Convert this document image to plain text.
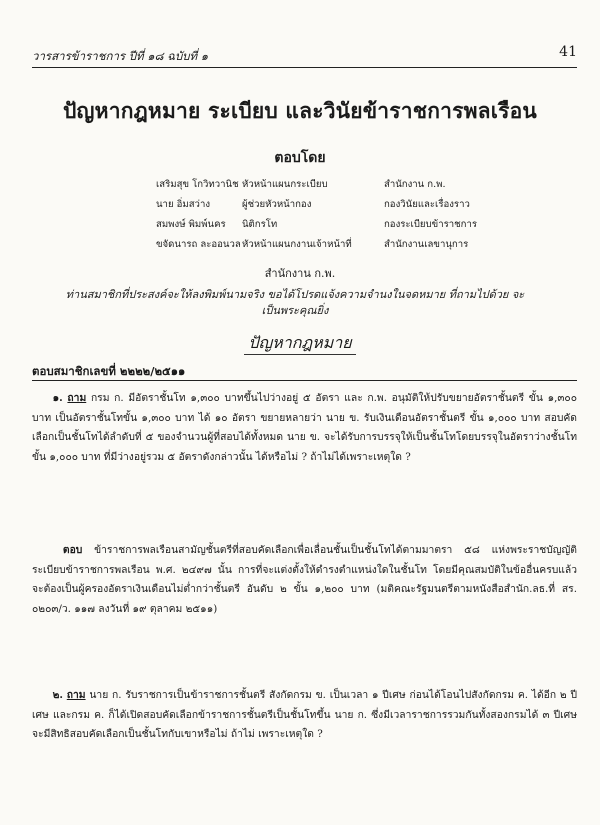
วารสารข้าราชการ ปีที่ ๑๘ ฉบับที่ ๑	41
ปัญหากฎหมาย ระเบียบ และวินัยข้าราชการพลเรือน
ตอบโดย
เสริมสุข โกวิทวานิช หัวหน้าแผนกระเบียบ	สำนักงาน ก.พ.
นาย อิ่มสว่าง	ผู้ช่วยหัวหน้ากอง	กองวินัยและเรื่องราว
สมพงษ์ พิมพ์นคร นิติกรโท	กองระเบียบข้าราชการ
ขจัดนารถ ละออนวล หัวหน้าแผนกงานเจ้าหน้าที่	สำนักงานเลขานุการ
สำนักงาน ก.พ.
ท่านสมาชิกที่ประสงค์จะให้ลงพิมพ์นามจริง ขอได้โปรดแจ้งความจำนงในจดหมาย ที่ถามไปด้วย จะเป็นพระคุณยิ่ง
ปัญหากฎหมาย
ตอบสมาชิกเลขที่ ๒๒๒๒/๒๕๑๑
  ๑. ถาม กรม ก. มีอัตราชั้นโท ๑,๓๐๐ บาทขึ้นไปว่างอยู่ ๕ อัตรา และ ก.พ. อนุมัติให้ปรับขยายอัตราชั้นตรี ขั้น ๑,๓๐๐ บาท เป็นอัตราชั้นโทขั้น ๑,๓๐๐ บาท ได้ ๑๐ อัตรา ขยายหลายว่า นาย ข. รับเงินเดือนอัตราชั้นตรี ขั้น ๑,๐๐๐ บาท สอบคัดเลือกเป็นชั้นโทได้ลำดับที่ ๕ ของจำนวนผู้ที่สอบได้ทั้งหมด นาย ข. จะได้รับการบรรจุให้เป็นชั้นโทโดยบรรจุในอัตราว่างชั้นโทขั้น ๑,๐๐๐ บาท ที่มีว่างอยู่รวม ๕ อัตราดังกล่าวนั้น ได้หรือไม่ ? ถ้าไม่ได้เพราะเหตุใด ?
   ตอบ ข้าราชการพลเรือนสามัญชั้นตรีที่สอบคัดเลือกเพื่อเลื่อนชั้นเป็นชั้นโทได้ตามมาตรา ๕๘ แห่งพระราชบัญญัติระเบียบข้าราชการพลเรือน พ.ศ. ๒๔๙๗ นั้น การที่จะแต่งตั้งให้ดำรงตำแหน่งใดในชั้นโท โดยมีคุณสมบัติในข้ออื่นครบแล้ว จะต้องเป็นผู้ครองอัตราเงินเดือนไม่ต่ำกว่าชั้นตรี อันดับ ๒ ขั้น ๑,๒๐๐ บาท (มติคณะรัฐมนตรีตามหนังสือสำนัก.ลธ.ที่ สร. ๐๒๐๓/ว. ๑๑๗ ลงวันที่ ๑๙ ตุลาคม ๒๕๑๑)
  ๒. ถาม นาย ก. รับราชการเป็นข้าราชการชั้นตรี สังกัดกรม ข. เป็นเวลา ๑ ปีเศษ ก่อนได้โอนไปสังกัดกรม ค. ได้อีก ๒ ปีเศษ และกรม ค. ก็ได้เปิดสอบคัดเลือกข้าราชการชั้นตรีเป็นชั้นโทขึ้น นาย ก. ซึ่งมีเวลาราชการรวมกันทั้งสองกรมได้ ๓ ปีเศษ จะมีสิทธิสอบคัดเลือกเป็นชั้นโทกับเขาหรือไม่ ถ้าไม่ เพราะเหตุใด ?
